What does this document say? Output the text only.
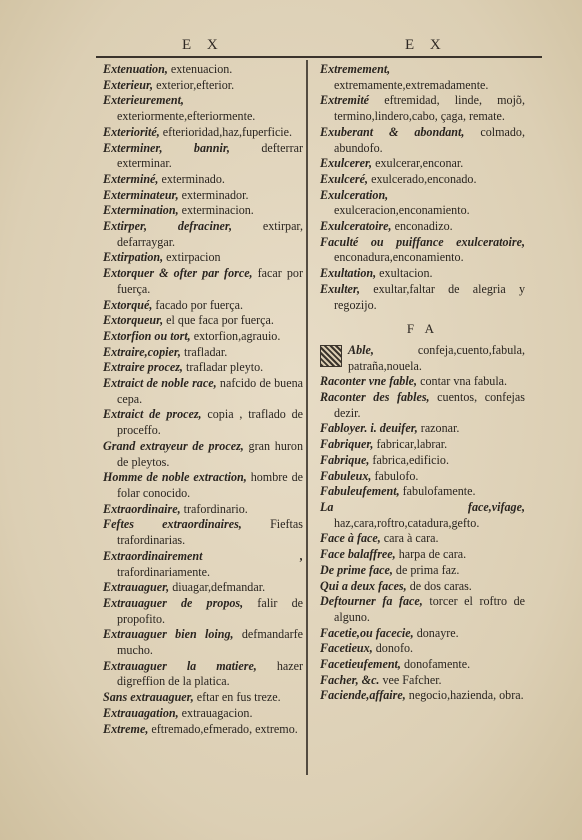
E X	E X

Extenuation, extenuacion.

Exterieur, exterior,efterior.

Exterieurement, exteriormente,efteriormente.

Exteriorité, efterioridad,haz,fuperficie.

Exterminer, bannir, defterrar exterminar.

Exterminé, exterminado.

Exterminateur, exterminador.

Extermination, exterminacion.

Extirper, defraciner, extirpar, defarraygar.

Extirpation, extirpacion

Extorquer & ofter par force, facar por fuerça.

Extorqué, facado por fuerça.

Extorqueur, el que faca por fuerça.

Extorfion ou tort, extorfion,agrauio.

Extraire,copier, trafladar.

Extraire procez, trafladar pleyto.

Extraict de noble race, nafcido de buena cepa.

Extraict de procez, copia , traflado de proceffo.

Grand extrayeur de procez, gran huron de pleytos.

Homme de noble extraction, hombre de folar conocido.

Extraordinaire, trafordinario.

Feftes extraordinaires, Fieftas trafordinarias.

Extraordinairement , trafordinariamente.

Extrauaguer, diuagar,defmandar.

Extrauaguer de propos, falir de propofito.

Extrauaguer bien loing, defmandarfe mucho.

Extrauaguer la matiere, hazer digreffion de la platica.

Sans extrauaguer, eftar en fus treze.

Extrauagation, extrauagacion.

Extreme, eftremado,efmerado, extremo.

Extremement, extremamente,extremadamente.

Extremité eftremidad, linde, mojõ, termino,lindero,cabo, çaga, remate.

Exuberant & abondant, colmado, abundofo.

Exulcerer, exulcerar,enconar.

Exulceré, exulcerado,enconado.

Exulceration, exulceracion,enconamiento.

Exulceratoire, enconadizo.

Faculté ou puiffance exulceratoire, enconadura,enconamiento.

Exultation, exultacion.

Exulter, exultar,faltar de alegria y regozijo.

F A

Able, confeja,cuento,fabula, patraña,nouela.

Raconter vne fable, contar vna fabula.

Raconter des fables, cuentos, confejas dezir.

Fabloyer. i. deuifer, razonar.

Fabriquer, fabricar,labrar.

Fabrique, fabrica,edificio.

Fabuleux, fabulofo.

Fabuleufement, fabulofamente.

La face,vifage, haz,cara,roftro,catadura,gefto.

Face à face, cara à cara.

Face balaffree, harpa de cara.

De prime face, de prima faz.

Qui a deux faces, de dos caras.

Deftourner fa face, torcer el roftro de alguno.

Facetie,ou facecie, donayre.

Facetieux, donofo.

Facetieufement, donofamente.

Facher, &c. vee Fafcher.

Faciende,affaire, negocio,hazienda, obra.
